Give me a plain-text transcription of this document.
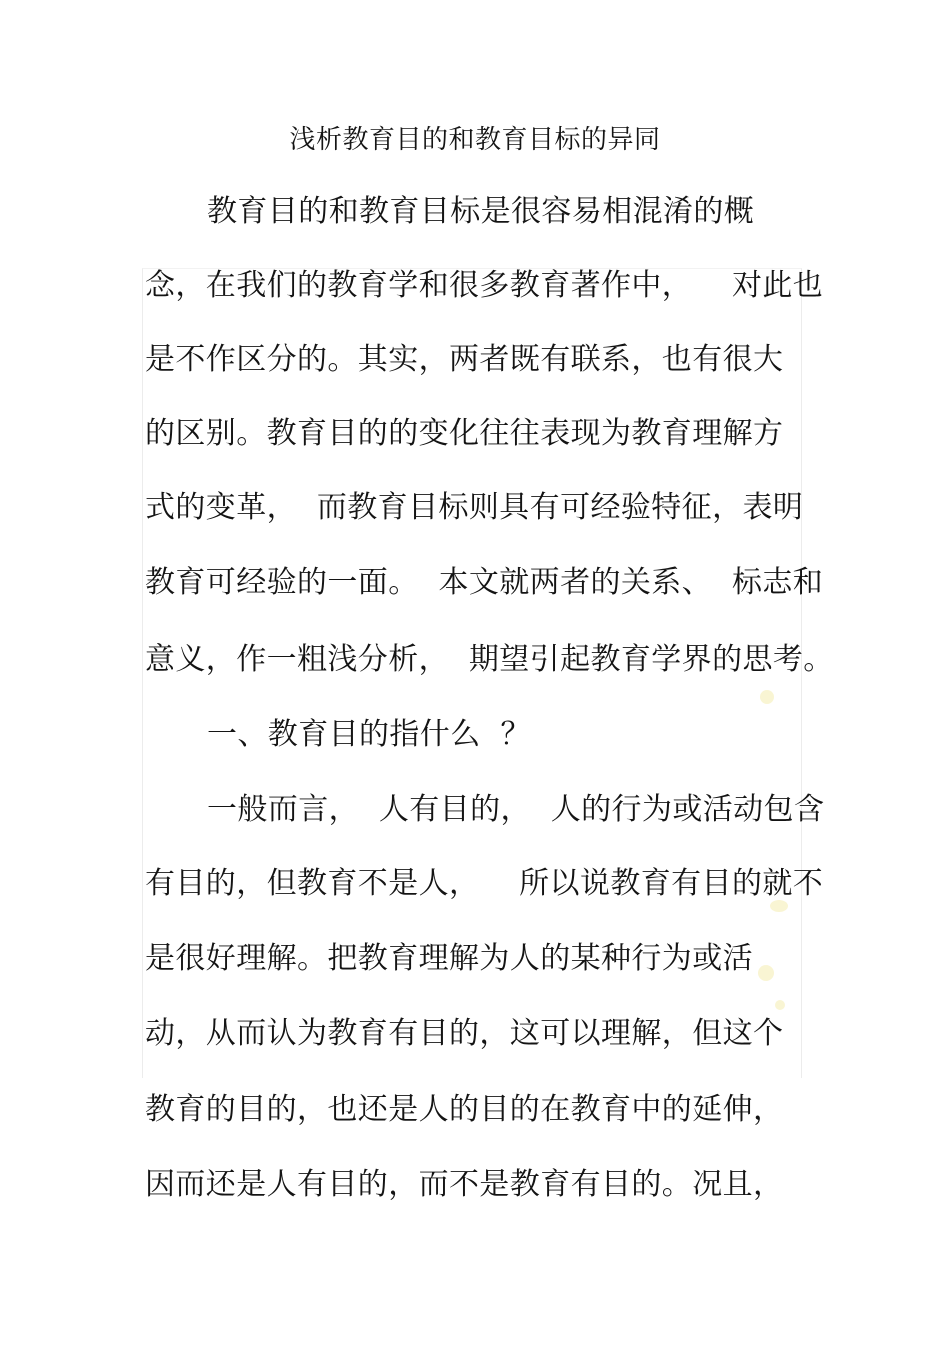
浅析教育目的和教育目标的异同
教育目的和教育目标是很容易相混淆的概
念，在我们的教育学和很多教育著作中，    对此也
是不作区分的。其实，两者既有联系，也有很大
的区别。教育目的的变化往往表现为教育理解方
式的变革，  而教育目标则具有可经验特征，表明
教育可经验的一面。  本文就两者的关系、  标志和
意义，作一粗浅分析，  期望引起教育学界的思考。
一、教育目的指什么  ？
一般而言，  人有目的，  人的行为或活动包含
有目的，但教育不是人，    所以说教育有目的就不
是很好理解。把教育理解为人的某种行为或活
动，从而认为教育有目的，这可以理解，但这个
教育的目的，也还是人的目的在教育中的延伸，
因而还是人有目的，而不是教育有目的。况且，
